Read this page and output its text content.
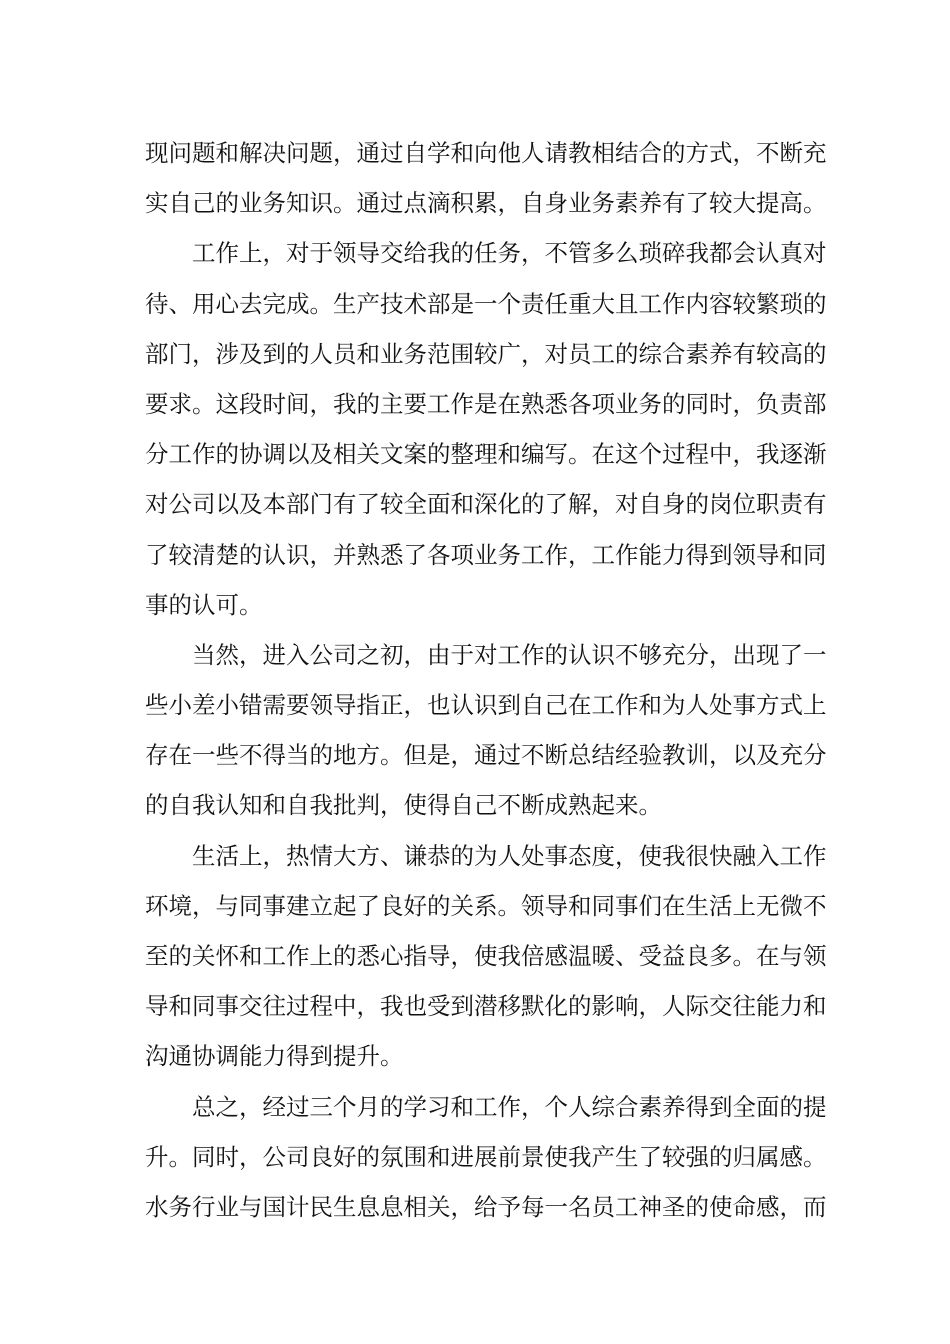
现问题和解决问题，通过自学和向他人请教相结合的方式，不断充
实自己的业务知识。通过点滴积累，自身业务素养有了较大提高。
工作上，对于领导交给我的任务，不管多么琐碎我都会认真对
待、用心去完成。生产技术部是一个责任重大且工作内容较繁琐的
部门，涉及到的人员和业务范围较广，对员工的综合素养有较高的
要求。这段时间，我的主要工作是在熟悉各项业务的同时，负责部
分工作的协调以及相关文案的整理和编写。在这个过程中，我逐渐
对公司以及本部门有了较全面和深化的了解，对自身的岗位职责有
了较清楚的认识，并熟悉了各项业务工作，工作能力得到领导和同
事的认可。
当然，进入公司之初，由于对工作的认识不够充分，出现了一
些小差小错需要领导指正，也认识到自己在工作和为人处事方式上
存在一些不得当的地方。但是，通过不断总结经验教训，以及充分
的自我认知和自我批判，使得自己不断成熟起来。
生活上，热情大方、谦恭的为人处事态度，使我很快融入工作
环境，与同事建立起了良好的关系。领导和同事们在生活上无微不
至的关怀和工作上的悉心指导，使我倍感温暖、受益良多。在与领
导和同事交往过程中，我也受到潜移默化的影响，人际交往能力和
沟通协调能力得到提升。
总之，经过三个月的学习和工作，个人综合素养得到全面的提
升。同时，公司良好的氛围和进展前景使我产生了较强的归属感。
水务行业与国计民生息息相关，给予每一名员工神圣的使命感，而
